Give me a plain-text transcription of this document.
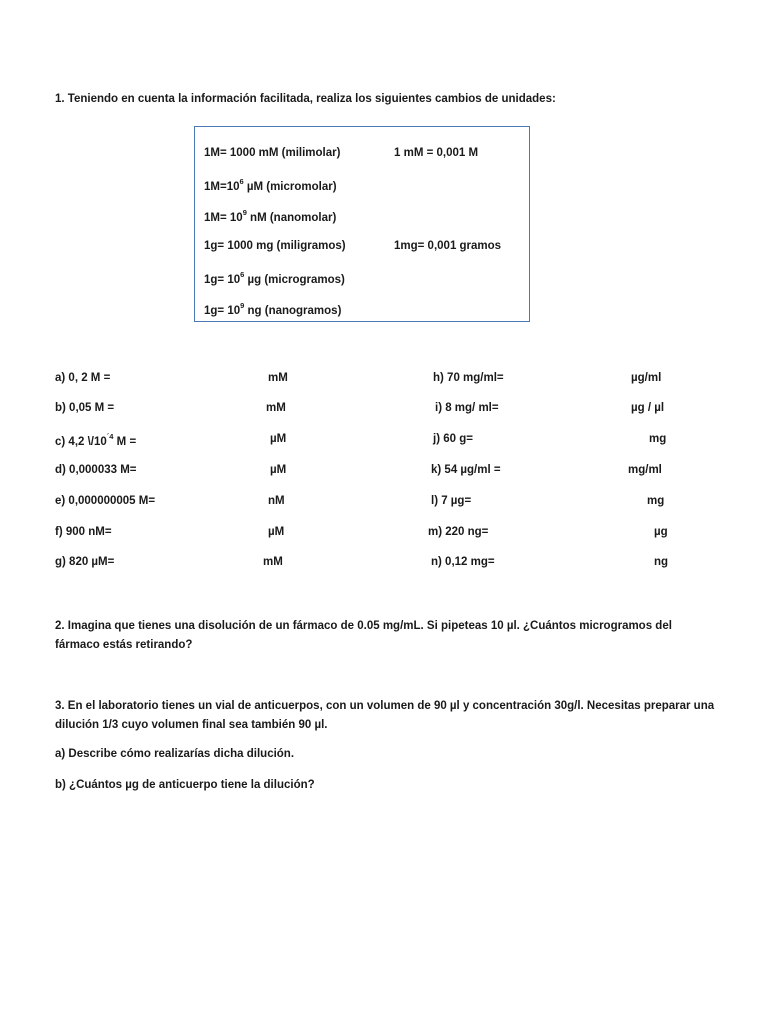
1. Teniendo en cuenta la información facilitada, realiza los siguientes cambios de unidades:
1M= 1000 mM (milimolar)	1 mM = 0,001 M
$1M=10^6$ µM (micromolar)
$1M= 10^9$ nM (nanomolar)
1g= 1000 mg (miligramos)	1mg= 0,001 gramos
$1g= 10^6$ µg (microgramos)
$1g= 10^9$ ng (nanogramos)
a) 0, 2 M =	mM
b) 0,05 M =	mM
c) 4,2 $\backslash/10^{´4}$ M =	µM
d) 0,000033 M=	µM
e) 0,000000005 M=	nM
f) 900 nM=	µM
g) 820 µM=	mM
h) 70 mg/ml=	µg/ml
i) 8 mg/ ml=	µg / µl
j) 60 g=	mg
k) 54 µg/ml =	mg/ml
l) 7 µg=	mg
m) 220 ng=	µg
n) 0,12 mg=	ng
2. Imagina que tienes una disolución de un fármaco de 0.05 mg/mL. Si pipeteas 10 µl. ¿Cuántos microgramos del fármaco estás retirando?
3. En el laboratorio tienes un vial de anticuerpos, con un volumen de 90 µl y concentración 30g/l. Necesitas preparar una dilución 1/3 cuyo volumen final sea también 90 µl.
a) Describe cómo realizarías dicha dilución.
b) ¿Cuántos µg de anticuerpo tiene la dilución?
